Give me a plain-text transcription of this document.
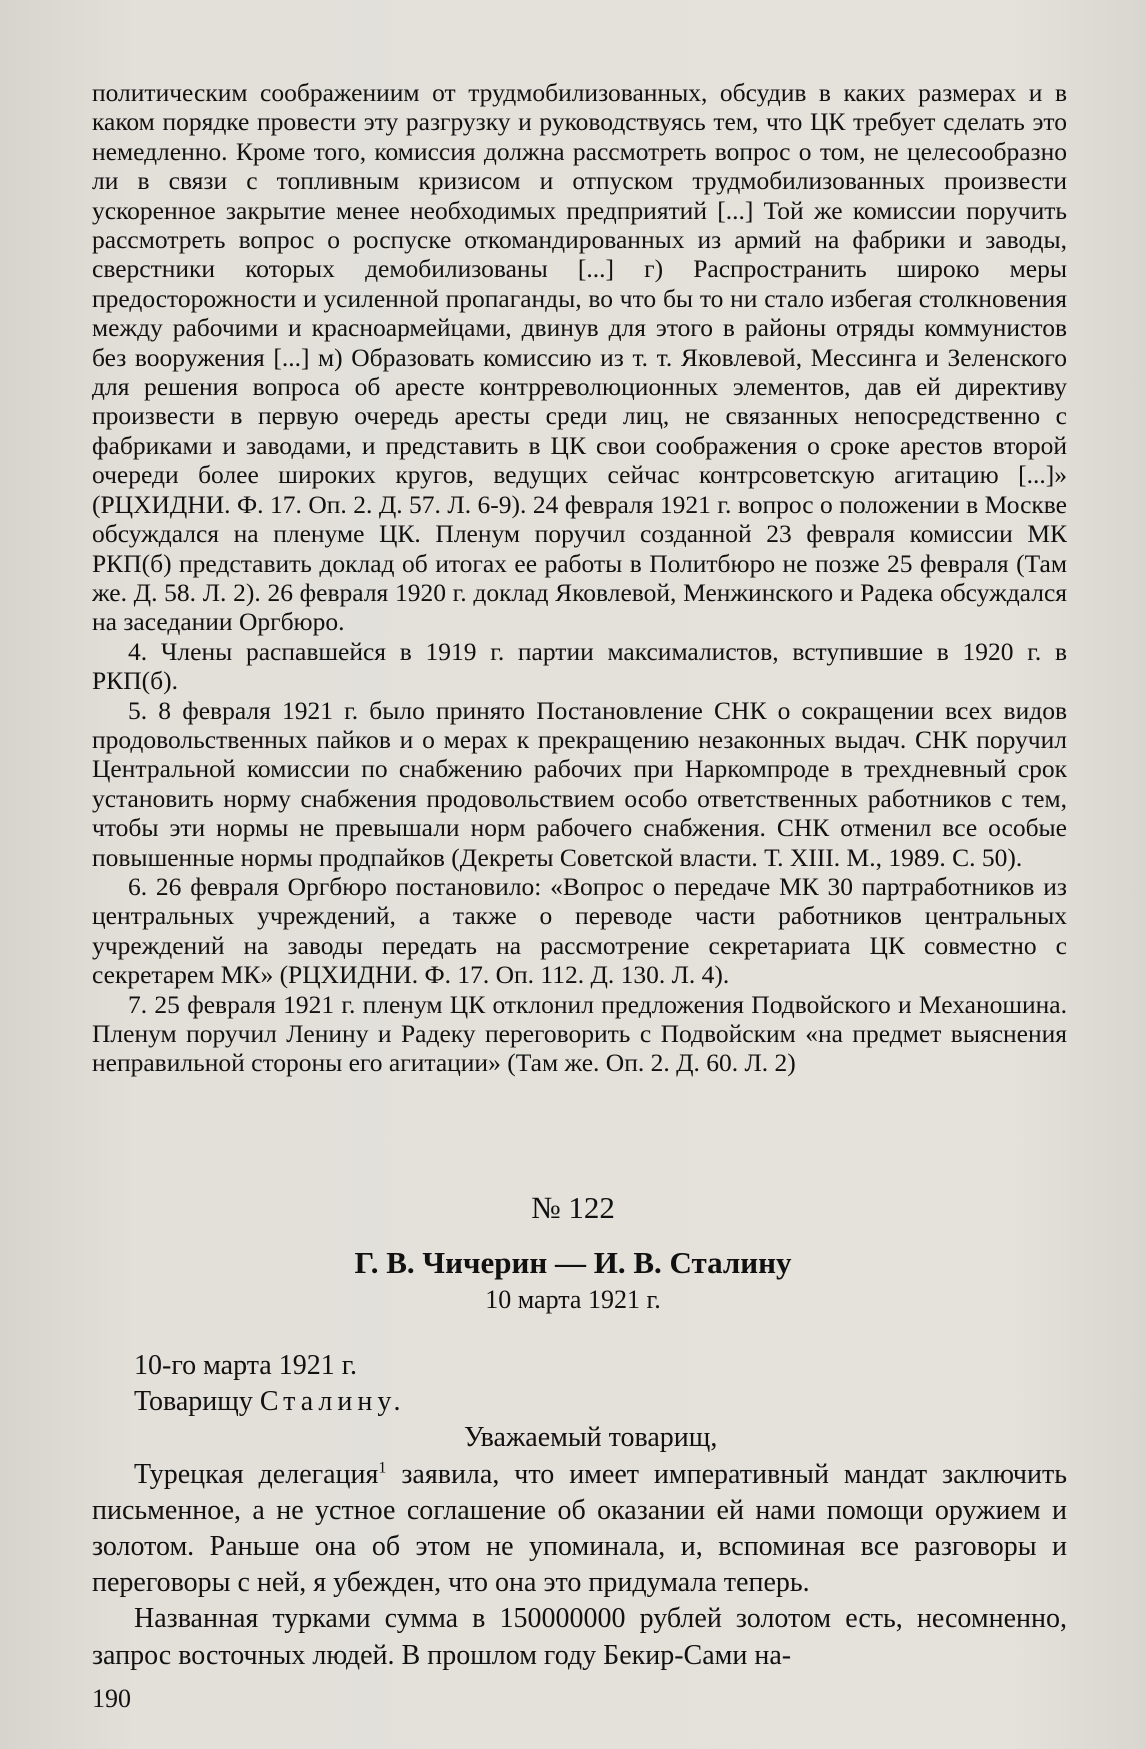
политическим соображениим от трудмобилизованных, обсудив в каких размерах и в каком порядке провести эту разгрузку и руководствуясь тем, что ЦК требует сделать это немедленно. Кроме того, комиссия должна рассмотреть вопрос о том, не целесообразно ли в связи с топливным кризисом и отпуском трудмобилизованных произвести ускоренное закрытие менее необходимых предприятий [...] Той же комиссии поручить рассмотреть вопрос о роспуске откомандированных из армий на фабрики и заводы, сверстники которых демобилизованы [...] г) Распространить широко меры предосторожности и усиленной пропаганды, во что бы то ни стало избегая столкновения между рабочими и красноармейцами, двинув для этого в районы отряды коммунистов без вооружения [...] м) Образовать комиссию из т. т. Яковлевой, Мессинга и Зеленского для решения вопроса об аресте контрреволюционных элементов, дав ей директиву произвести в первую очередь аресты среди лиц, не связанных непосредственно с фабриками и заводами, и представить в ЦК свои соображения о сроке арестов второй очереди более широких кругов, ведущих сейчас контрсоветскую агитацию [...]» (РЦХИДНИ. Ф. 17. Оп. 2. Д. 57. Л. 6-9). 24 февраля 1921 г. вопрос о положении в Москве обсуждался на пленуме ЦК. Пленум поручил созданной 23 февраля комиссии МК РКП(б) представить доклад об итогах ее работы в Политбюро не позже 25 февраля (Там же. Д. 58. Л. 2). 26 февраля 1920 г. доклад Яковлевой, Менжинского и Радека обсуждался на заседании Оргбюро.

4. Члены распавшейся в 1919 г. партии максималистов, вступившие в 1920 г. в РКП(б).

5. 8 февраля 1921 г. было принято Постановление СНК о сокращении всех видов продовольственных пайков и о мерах к прекращению незаконных выдач. СНК поручил Центральной комиссии по снабжению рабочих при Наркомпроде в трехдневный срок установить норму снабжения продовольствием особо ответственных работников с тем, чтобы эти нормы не превышали норм рабочего снабжения. СНК отменил все особые повышенные нормы продпайков (Декреты Советской власти. Т. XIII. М., 1989. С. 50).

6. 26 февраля Оргбюро постановило: «Вопрос о передаче МК 30 партработников из центральных учреждений, а также о переводе части работников центральных учреждений на заводы передать на рассмотрение секретариата ЦК совместно с секретарем МК» (РЦХИДНИ. Ф. 17. Оп. 112. Д. 130. Л. 4).

7. 25 февраля 1921 г. пленум ЦК отклонил предложения Подвойского и Механошина. Пленум поручил Ленину и Радеку переговорить с Подвойским «на предмет выяснения неправильной стороны его агитации» (Там же. Оп. 2. Д. 60. Л. 2)

№ 122
Г. В. Чичерин — И. В. Сталину
10 марта 1921 г.

10-го марта 1921 г.

Товарищу Сталину.

Уважаемый товарищ,

Турецкая делегация$^1$ заявила, что имеет императивный мандат заключить письменное, а не устное соглашение об оказании ей нами помощи оружием и золотом. Раньше она об этом не упоминала, и, вспоминая все разговоры и переговоры с ней, я убежден, что она это придумала теперь.

Названная турками сумма в 150000000 рублей золотом есть, несомненно, запрос восточных людей. В прошлом году Бекир-Сами на-

190
